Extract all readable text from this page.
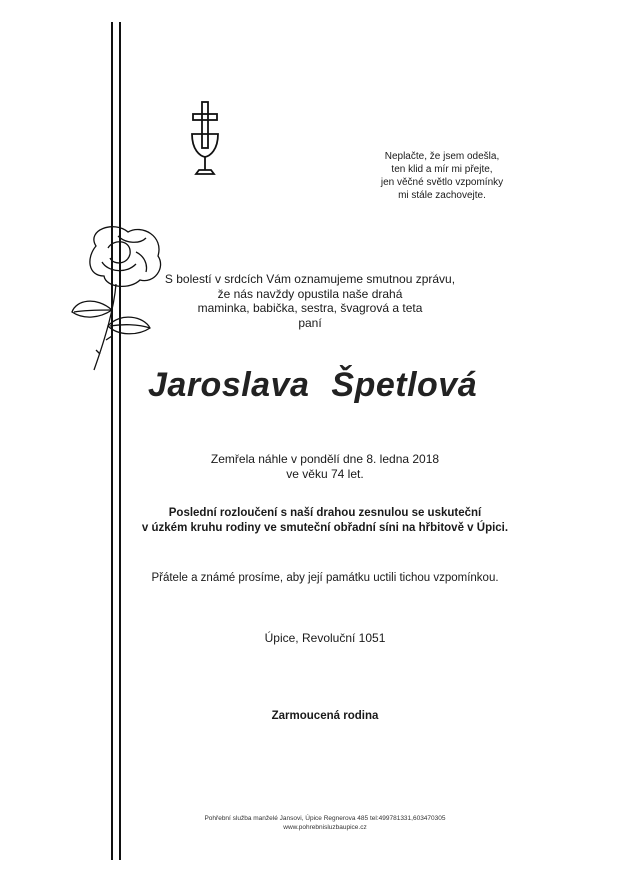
Neplačte, že jsem odešla,
ten klid a mír mi přejte,
jen věčné světlo vzpomínky
mi stále zachovejte.
S bolestí v srdcích Vám oznamujeme smutnou zprávu,
že nás navždy opustila naše drahá
maminka, babička, sestra, švagrová a teta
paní
Jaroslava Špetlová
Zemřela náhle v pondělí dne 8. ledna 2018
ve věku 74 let.
Poslední rozloučení s naší drahou zesnulou se uskuteční
v úzkém kruhu rodiny ve smuteční obřadní síni na hřbitově v Úpici.
Přátele a známé prosíme, aby její památku uctili tichou vzpomínkou.
Úpice, Revoluční 1051
Zarmoucená rodina
Pohřební služba manželé Jansovi, Úpice Regnerova 485 tel:499781331,603470305
www.pohrebnisluzbaupice.cz
